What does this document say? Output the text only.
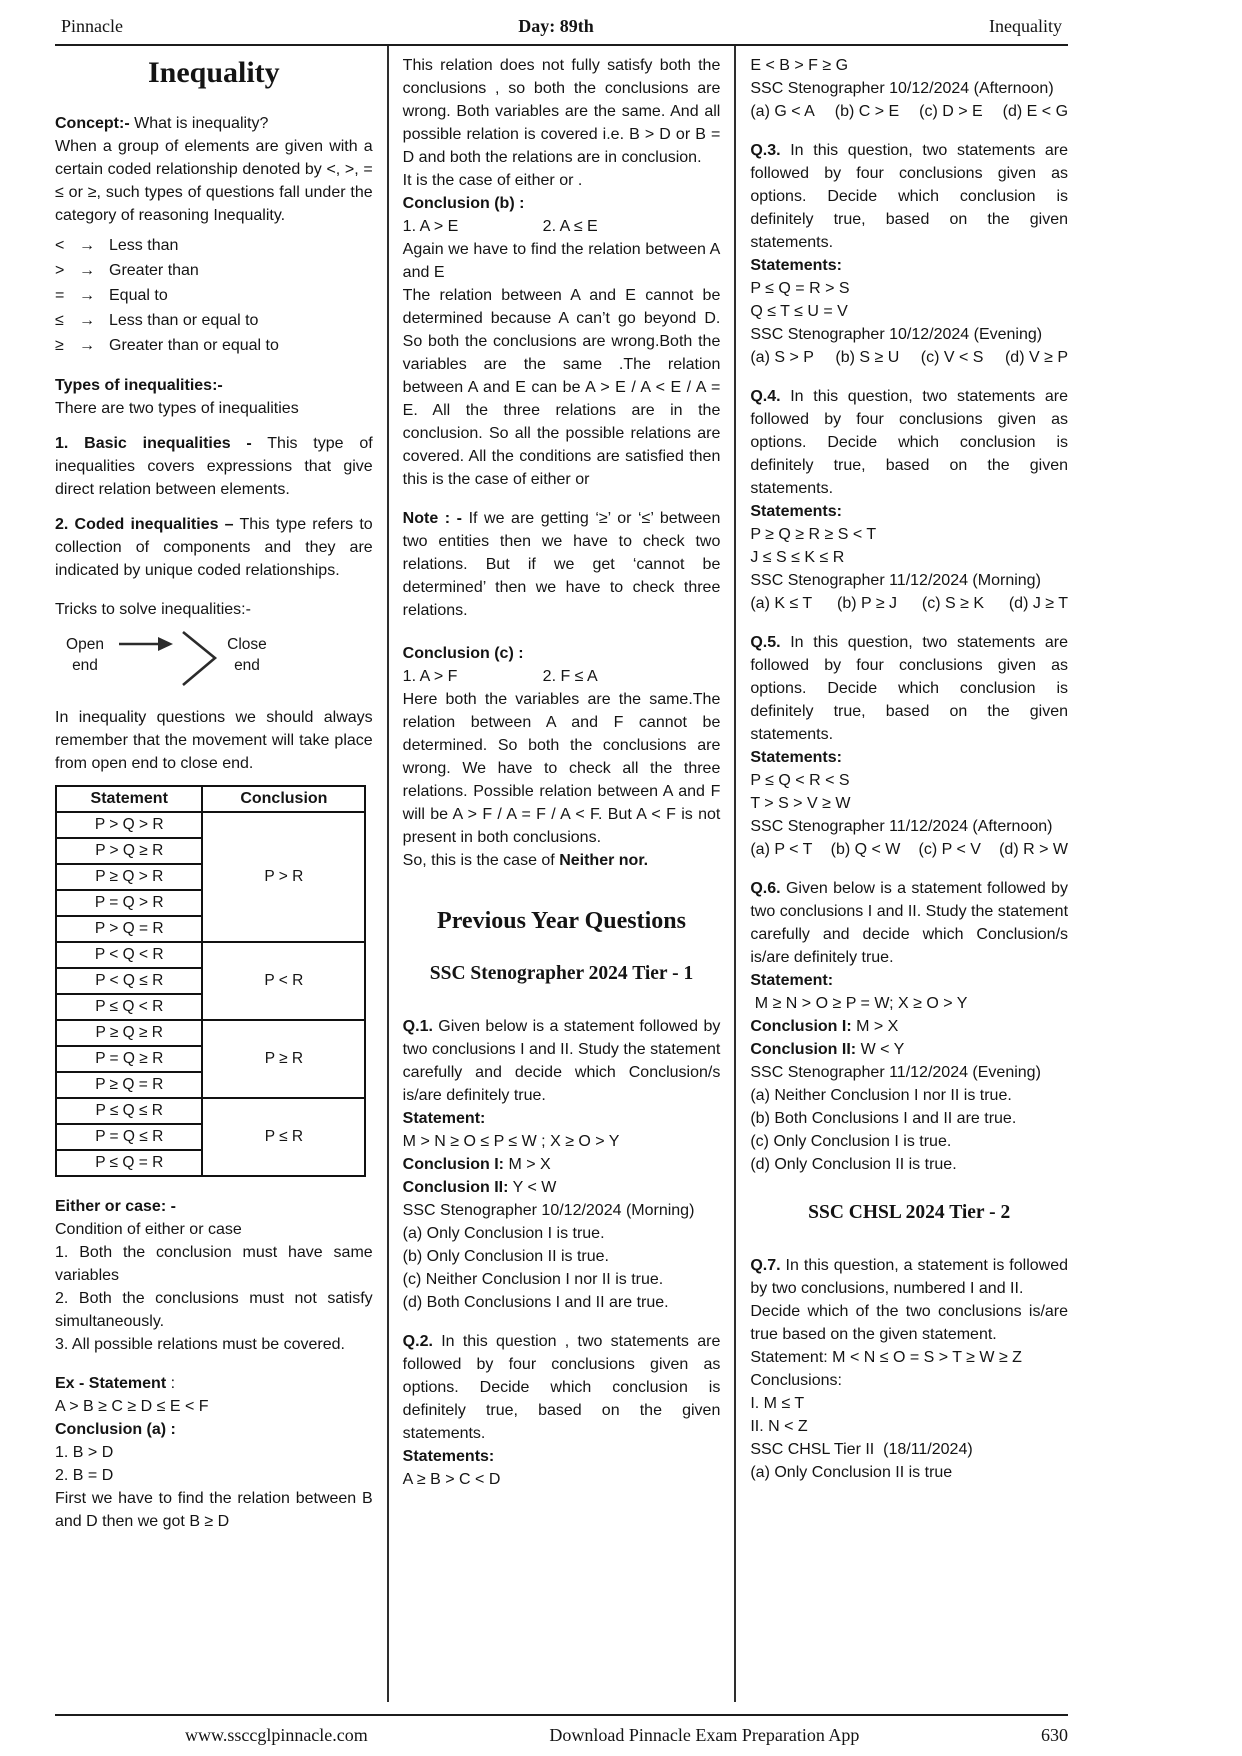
Pinnacle	Day: 89th	Inequality
Inequality

Concept:- What is inequality?

When a group of elements are given with a certain coded relationship denoted by <, >, = ≤ or ≥, such types of questions fall under the category of reasoning Inequality.

< → Less than
> → Greater than
= → Equal to
≤ → Less than or equal to
≥ → Greater than or equal to
Types of inequalities:-

There are two types of inequalities

1. Basic inequalities - This type of inequalities covers expressions that give direct relation between elements.

2. Coded inequalities – This type refers to collection of components and they are indicated by unique coded relationships.

Tricks to solve inequalities:-
Open
end
Close
end

In inequality questions we should always remember that the movement will take place from open end to close end.

Statement	Conclusion
P > Q > R	P > R
P > Q ≥ R	
P ≥ Q > R	
P = Q > R	
P > Q = R	
P < Q < R	P < R
P < Q ≤ R	
P ≤ Q < R	
P ≥ Q ≥ R	P ≥ R
P = Q ≥ R	
P ≥ Q = R	
P ≤ Q ≤ R	P ≤ R
P = Q ≤ R	
P ≤ Q = R	
Either or case: -

Condition of either or case

1. Both the conclusion must have same variables

2. Both the conclusions must not satisfy simultaneously.

3. All possible relations must be covered.

Ex - Statement :
A > B ≥ C ≥ D ≤ E < F
Conclusion (a) :
1. B > D
2. B = D

First we have to find the relation between B and D then we got B ≥ D

This relation does not fully satisfy both the conclusions , so both the conclusions are wrong. Both variables are the same. And all possible relation is covered i.e. B > D or B = D and both the relations are in conclusion.

It is the case of either or .
Conclusion (b) :
1. A > E	2. A ≤ E

Again we have to find the relation between A and E

The relation between A and E cannot be determined because A can’t go beyond D. So both the conclusions are wrong.Both the variables are the same .The relation between A and E can be A > E / A < E / A = E. All the three relations are in the conclusion. So all the possible relations are covered. All the conditions are satisfied then this is the case of either or

Note : - If we are getting ‘≥’ or ‘≤’ between two entities then we have to check two relations. But if we get ‘cannot be determined’ then we have to check three relations.

Conclusion (c) :
1. A > F	2. F ≤ A

Here both the variables are the same.The relation between A and F cannot be determined. So both the conclusions are wrong. We have to check all the three relations. Possible relation between A and F will be A > F / A = F / A < F. But A < F is not present in both conclusions.

So, this is the case of Neither nor.
Previous Year Questions
SSC Stenographer 2024 Tier - 1

Q.1. Given below is a statement followed by two conclusions I and II. Study the statement carefully and decide which Conclusion/s is/are definitely true.

Statement:
M > N ≥ O ≤ P ≤ W ; X ≥ O > Y
Conclusion I: M > X
Conclusion II: Y < W
SSC Stenographer 10/12/2024 (Morning)
(a) Only Conclusion I is true.
(b) Only Conclusion II is true.
(c) Neither Conclusion I nor II is true.
(d) Both Conclusions I and II are true.

Q.2. In this question , two statements are followed by four conclusions given as options. Decide which conclusion is definitely true, based on the given statements.

Statements:
A ≥ B > C < D
E < B > F ≥ G
SSC Stenographer 10/12/2024 (Afternoon)
(a) G < A (b) C > E (c) D > E (d) E < G

Q.3. In this question, two statements are followed by four conclusions given as options. Decide which conclusion is definitely true, based on the given statements.

Statements:
P ≤ Q = R > S
Q ≤ T ≤ U = V
SSC Stenographer 10/12/2024 (Evening)
(a) S > P (b) S ≥ U (c) V < S (d) V ≥ P

Q.4. In this question, two statements are followed by four conclusions given as options. Decide which conclusion is definitely true, based on the given statements.

Statements:
P ≥ Q ≥ R ≥ S < T
J ≤ S ≤ K ≤ R
SSC Stenographer 11/12/2024 (Morning)
(a) K ≤ T (b) P ≥ J (c) S ≥ K (d) J ≥ T

Q.5. In this question, two statements are followed by four conclusions given as options. Decide which conclusion is definitely true, based on the given statements.

Statements:
P ≤ Q < R < S
T > S > V ≥ W
SSC Stenographer 11/12/2024 (Afternoon)
(a) P < T (b) Q < W (c) P < V (d) R > W

Q.6. Given below is a statement followed by two conclusions I and II. Study the statement carefully and decide which Conclusion/s is/are definitely true.

Statement:
M ≥ N > O ≥ P = W; X ≥ O > Y
Conclusion I: M > X
Conclusion II: W < Y
SSC Stenographer 11/12/2024 (Evening)
(a) Neither Conclusion I nor II is true.
(b) Both Conclusions I and II are true.
(c) Only Conclusion I is true.
(d) Only Conclusion II is true.
SSC CHSL 2024 Tier - 2

Q.7. In this question, a statement is followed by two conclusions, numbered I and II.

Decide which of the two conclusions is/are true based on the given statement.

Statement: M < N ≤ O = S > T ≥ W ≥ Z
Conclusions:
I. M ≤ T
II. N < Z
SSC CHSL Tier II  (18/11/2024)
(a) Only Conclusion II is true
www.ssccglpinnacle.com	Download Pinnacle Exam Preparation App	630
